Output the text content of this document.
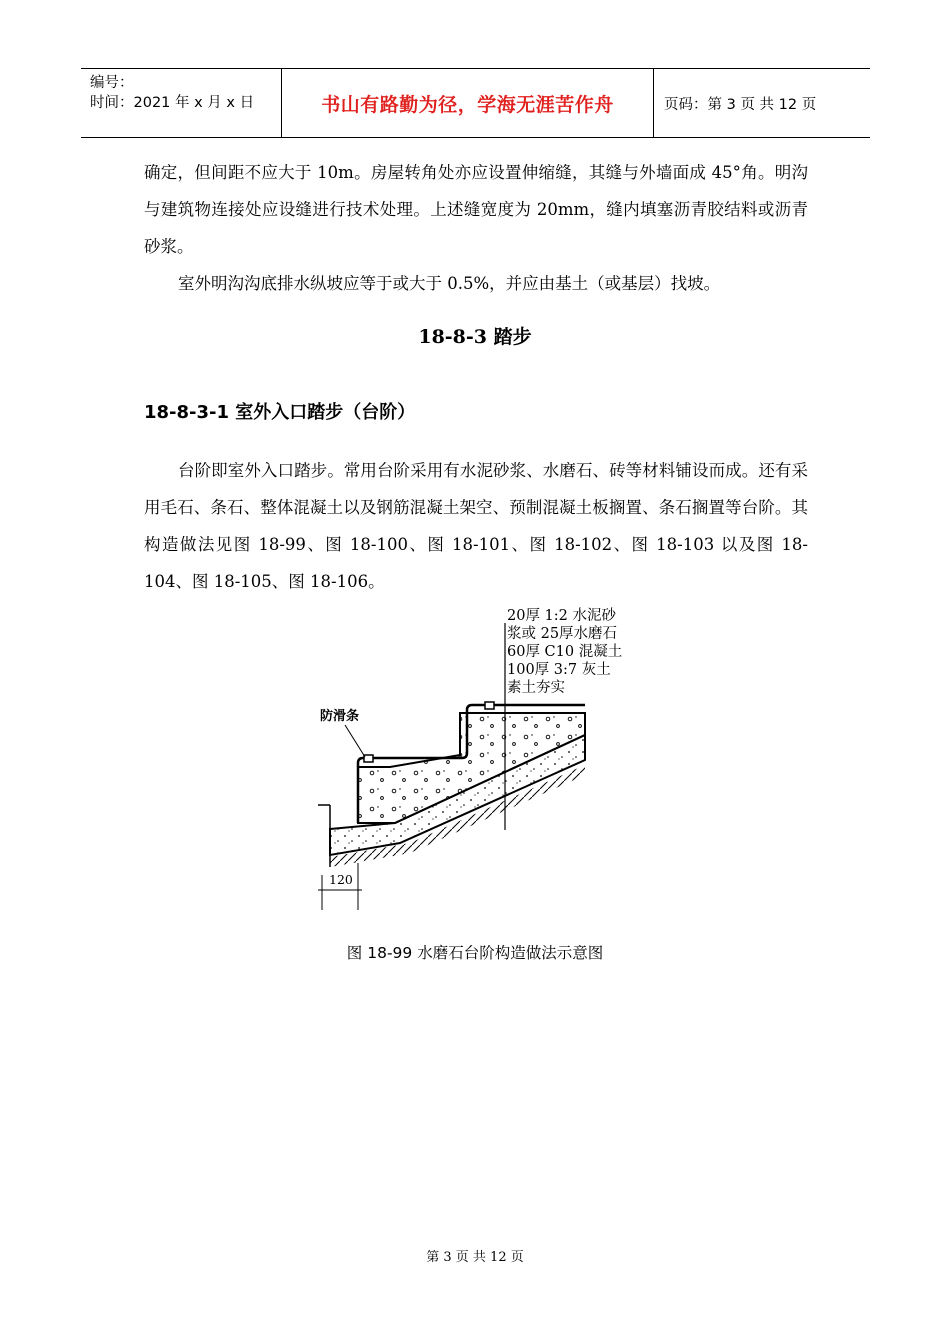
编号：
时间：2021 年 x 月 x 日	书山有路勤为径，学海无涯苦作舟	页码：第 3 页 共 12 页
确定，但间距不应大于 10m。房屋转角处亦应设置伸缩缝，其缝与外墙面成 45°角。明沟与建筑物连接处应设缝进行技术处理。上述缝宽度为 20mm，缝内填塞沥青胶结料或沥青砂浆。
室外明沟沟底排水纵坡应等于或大于 0.5%，并应由基土（或基层）找坡。
18-8-3 踏步
18-8-3-1 室外入口踏步（台阶）
台阶即室外入口踏步。常用台阶采用有水泥砂浆、水磨石、砖等材料铺设而成。还有采用毛石、条石、整体混凝土以及钢筋混凝土架空、预制混凝土板搁置、条石搁置等台阶。其构造做法见图 18-99、图 18-100、图 18-101、图 18-102、图 18-103 以及图 18-104、图 18-105、图 18-106。
20厚 1:2 水泥砂
浆或 25厚水磨石
60厚 C10 混凝土
100厚 3:7 灰土
素土夯实
防滑条
120
图 18-99 水磨石台阶构造做法示意图
第 3 页 共 12 页
